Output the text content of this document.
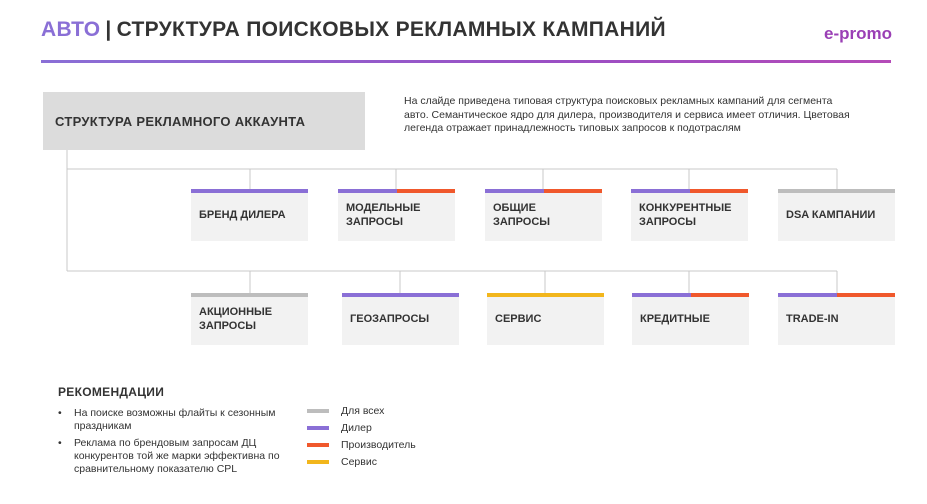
АВТО | СТРУКТУРА ПОИСКОВЫХ РЕКЛАМНЫХ КАМПАНИЙ	e-promo
СТРУКТУРА РЕКЛАМНОГО АККАУНТА
На слайде приведена типовая структура поисковых рекламных кампаний для сегмента авто. Семантическое ядро для дилера, производителя и сервиса имеет отличия. Цветовая легенда отражает принадлежность типовых запросов к подотраслям
БРЕНД ДИЛЕРА
МОДЕЛЬНЫЕ ЗАПРОСЫ
ОБЩИЕ ЗАПРОСЫ
КОНКУРЕНТНЫЕ ЗАПРОСЫ
DSA КАМПАНИИ
АКЦИОННЫЕ ЗАПРОСЫ
ГЕОЗАПРОСЫ	СЕРВИС	КРЕДИТНЫЕ	TRADE-IN
РЕКОМЕНДАЦИИ
• На поиске возможны флайты к сезонным праздникам
• Реклама по брендовым запросам ДЦ конкурентов той же марки эффективна по сравнительному показателю CPL
Для всех
Дилер
Производитель
Сервис
